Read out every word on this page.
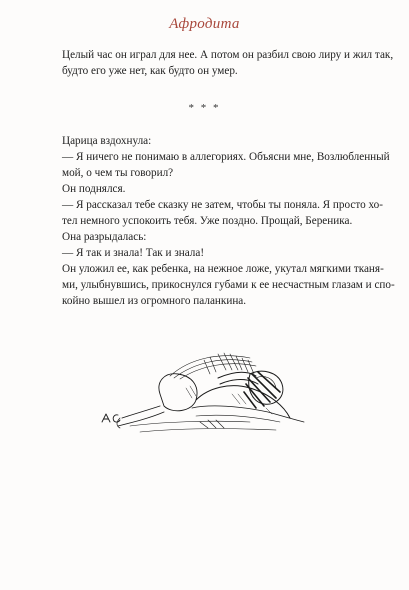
Афродита

Целый час он играл для нее. А потом он разбил свою лиру и жил так,
будто его уже нет, как будто он умер.

* * *

Царица вздохнула:
— Я ничего не понимаю в аллегориях. Объясни мне, Возлюбленный
мой, о чем ты говорил?
Он поднялся.
— Я рассказал тебе сказку не затем, чтобы ты поняла. Я просто хо-
тел немного успокоить тебя. Уже поздно. Прощай, Береника.
Она разрыдалась:
— Я так и знала! Так и знала!
Он уложил ее, как ребенка, на нежное ложе, укутал мягкими тканя-
ми, улыбнувшись, прикоснулся губами к ее несчастным глазам и спо-
койно вышел из огромного паланкина.
